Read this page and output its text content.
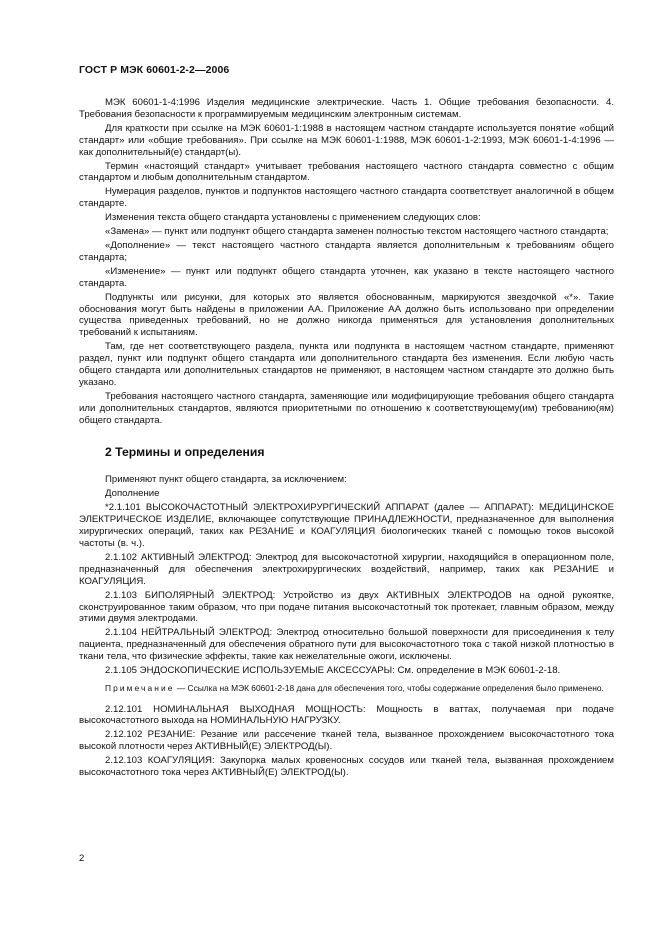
ГОСТ Р МЭК 60601-2-2—2006

МЭК 60601-1-4:1996 Изделия медицинские электрические. Часть 1. Общие требования безопасности. 4. Требования безопасности к программируемым медицинским электронным системам.

Для краткости при ссылке на МЭК 60601-1:1988 в настоящем частном стандарте используется понятие «общий стандарт» или «общие требования». При ссылке на МЭК 60601-1:1988, МЭК 60601-1-2:1993, МЭК 60601-1-4:1996 — как дополнительный(е) стандарт(ы).

Термин «настоящий стандарт» учитывает требования настоящего частного стандарта совместно с общим стандартом и любым дополнительным стандартом.

Нумерация разделов, пунктов и подпунктов настоящего частного стандарта соответствует аналогичной в общем стандарте.

Изменения текста общего стандарта установлены с применением следующих слов:

«Замена» — пункт или подпункт общего стандарта заменен полностью текстом настоящего частного стандарта;

«Дополнение» — текст настоящего частного стандарта является дополнительным к требованиям общего стандарта;

«Изменение» — пункт или подпункт общего стандарта уточнен, как указано в тексте настоящего частного стандарта.

Подпункты или рисунки, для которых это является обоснованным, маркируются звездочкой «*». Такие обоснования могут быть найдены в приложении АА. Приложение АА должно быть использовано при определении существа приведенных требований, но не должно никогда применяться для установления дополнительных требований к испытаниям.

Там, где нет соответствующего раздела, пункта или подпункта в настоящем частном стандарте, применяют раздел, пункт или подпункт общего стандарта или дополнительного стандарта без изменения. Если любую часть общего стандарта или дополнительных стандартов не применяют, в настоящем частном стандарте это должно быть указано.

Требования настоящего частного стандарта, заменяющие или модифицирующие требования общего стандарта или дополнительных стандартов, являются приоритетными по отношению к соответствующему(им) требованию(ям) общего стандарта.

2 Термины и определения

Применяют пункт общего стандарта, за исключением:

Дополнение

*2.1.101 ВЫСОКОЧАСТОТНЫЙ ЭЛЕКТРОХИРУРГИЧЕСКИЙ АППАРАТ (далее — АППАРАТ): МЕДИЦИНСКОЕ ЭЛЕКТРИЧЕСКОЕ ИЗДЕЛИЕ, включающее сопутствующие ПРИНАДЛЕЖНОСТИ, предназначенное для выполнения хирургических операций, таких как РЕЗАНИЕ и КОАГУЛЯЦИЯ биологических тканей с помощью токов высокой частоты (в. ч.).

2.1.102 АКТИВНЫЙ ЭЛЕКТРОД: Электрод для высокочастотной хирургии, находящийся в операционном поле, предназначенный для обеспечения электрохирургических воздействий, например, таких как РЕЗАНИЕ и КОАГУЛЯЦИЯ.

2.1.103 БИПОЛЯРНЫЙ ЭЛЕКТРОД: Устройство из двух АКТИВНЫХ ЭЛЕКТРОДОВ на одной рукоятке, сконструированное таким образом, что при подаче питания высокочастотный ток протекает, главным образом, между этими двумя электродами.

2.1.104 НЕЙТРАЛЬНЫЙ ЭЛЕКТРОД: Электрод относительно большой поверхности для присоединения к телу пациента, предназначенный для обеспечения обратного пути для высокочастотного тока с такой низкой плотностью в ткани тела, что физические эффекты, такие как нежелательные ожоги, исключены.

2.1.105 ЭНДОСКОПИЧЕСКИЕ ИСПОЛЬЗУЕМЫЕ АКСЕССУАРЫ: См. определение в МЭК 60601-2-18.

Примечание — Ссылка на МЭК 60601-2-18 дана для обеспечения того, чтобы содержание определения было применено.

2.12.101 НОМИНАЛЬНАЯ ВЫХОДНАЯ МОЩНОСТЬ: Мощность в ваттах, получаемая при подаче высокочастотного выхода на НОМИНАЛЬНУЮ НАГРУЗКУ.

2.12.102 РЕЗАНИЕ: Резание или рассечение тканей тела, вызванное прохождением высокочастотного тока высокой плотности через АКТИВНЫЙ(Е) ЭЛЕКТРОД(Ы).

2.12.103 КОАГУЛЯЦИЯ: Закупорка малых кровеносных сосудов или тканей тела, вызванная прохождением высокочастотного тока через АКТИВНЫЙ(Е) ЭЛЕКТРОД(Ы).

2
